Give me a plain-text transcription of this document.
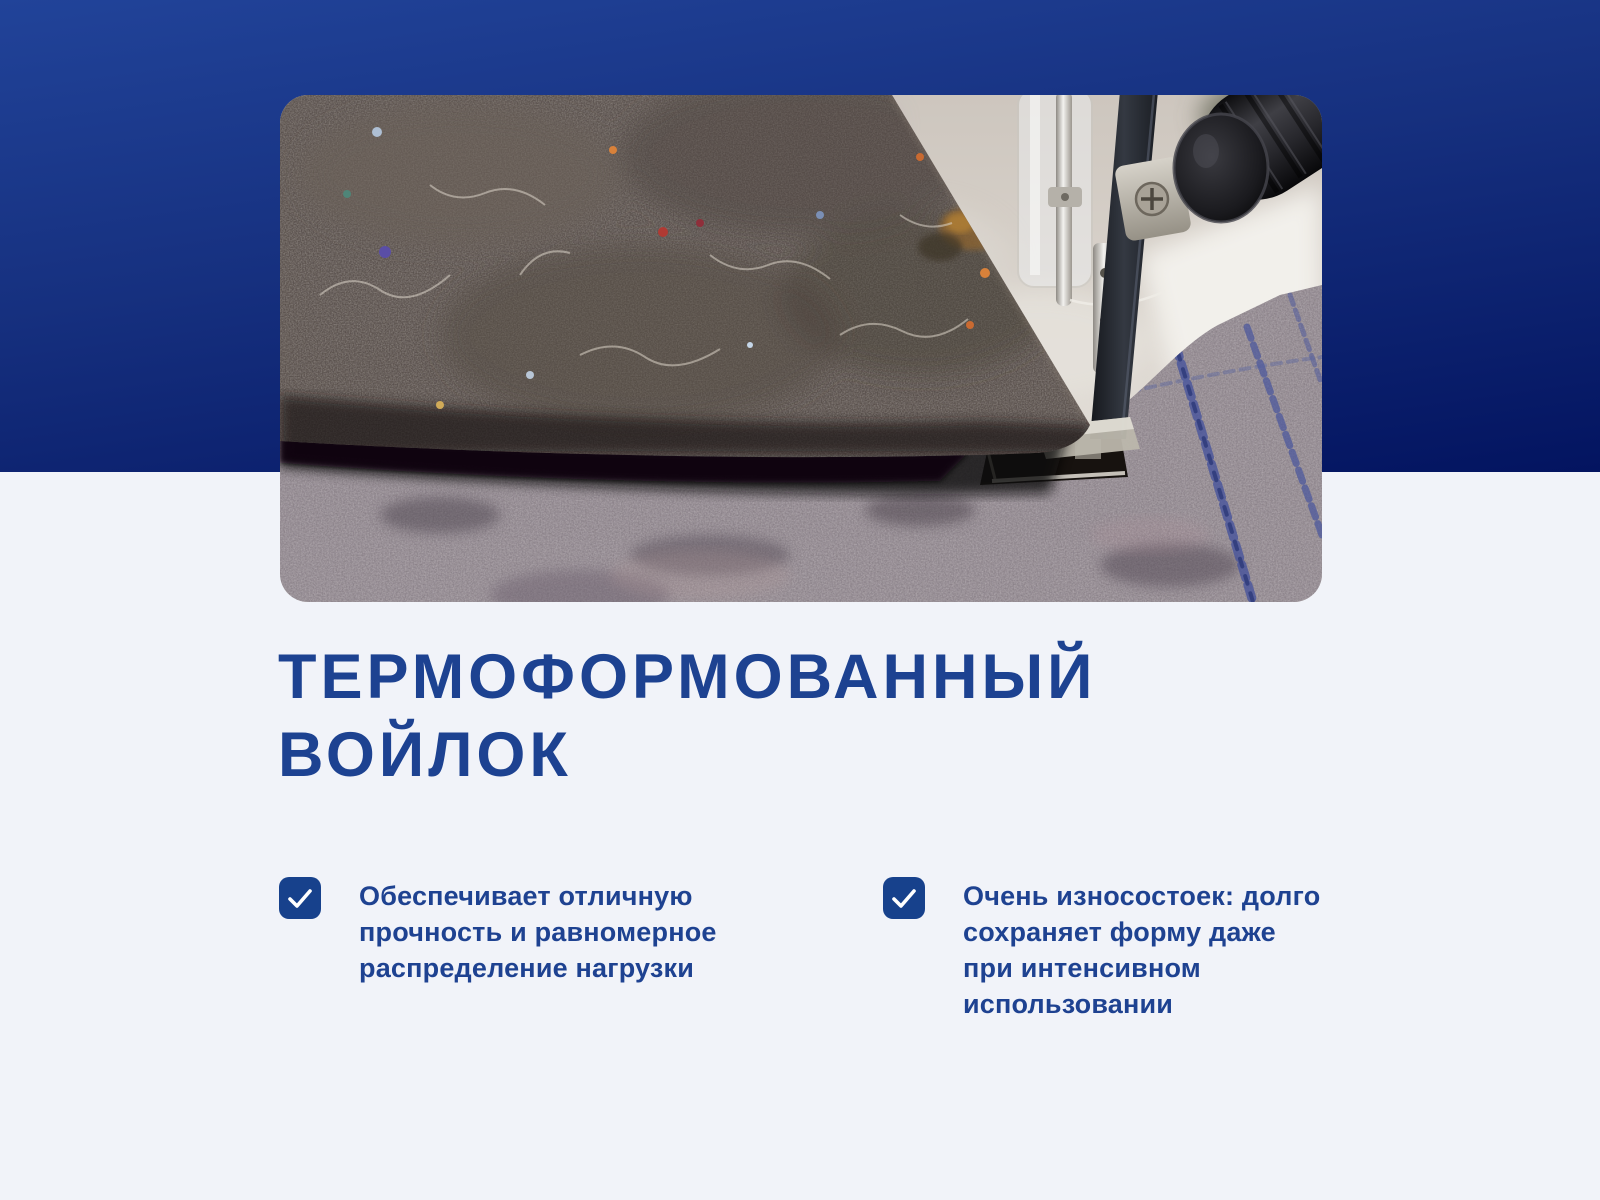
ТЕРМОФОРМОВАННЫЙ
ВОЙЛОК

Обеспечивает отличную
прочность и равномерное
распределение нагрузки

Очень износостоек: долго
сохраняет форму даже
при интенсивном
использовании
